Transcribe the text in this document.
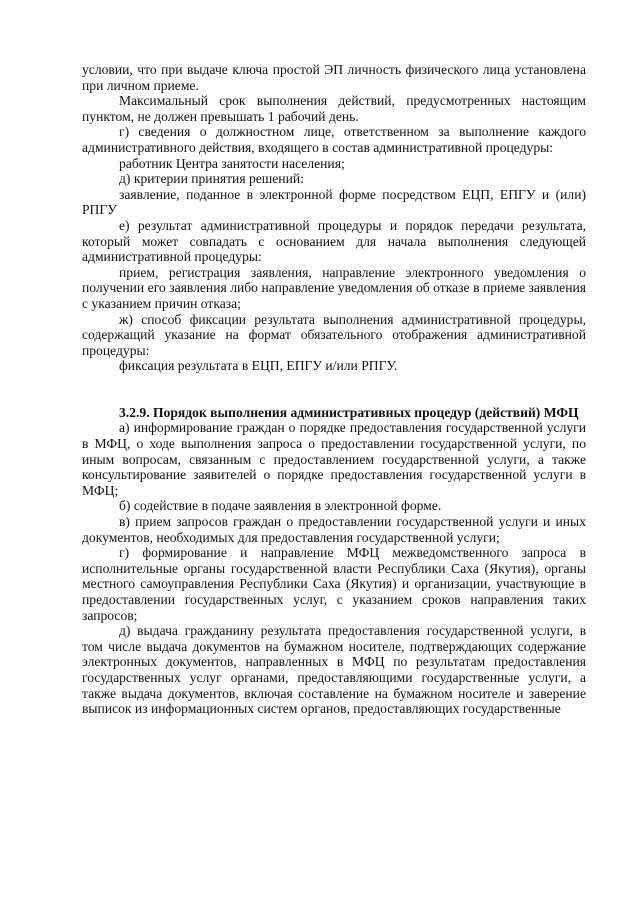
условии, что при выдаче ключа простой ЭП личность физического лица установлена при личном приеме.

Максимальный срок выполнения действий, предусмотренных настоящим пунктом, не должен превышать 1 рабочий день.

г) сведения о должностном лице, ответственном за выполнение каждого административного действия, входящего в состав административной процедуры:

работник Центра занятости населения;

д) критерии принятия решений:

заявление, поданное в электронной форме посредством ЕЦП, ЕПГУ и (или) РПГУ

е) результат административной процедуры и порядок передачи результата, который может совпадать с основанием для начала выполнения следующей административной процедуры:

прием, регистрация заявления, направление электронного уведомления о получении его заявления либо направление уведомления об отказе в приеме заявления с указанием причин отказа;

ж) способ фиксации результата выполнения административной процедуры, содержащий указание на формат обязательного отображения административной процедуры:

фиксация результата в ЕЦП, ЕПГУ и/или РПГУ.

3.2.9. Порядок выполнения административных процедур (действий) МФЦ

а) информирование граждан о порядке предоставления государственной услуги в МФЦ, о ходе выполнения запроса о предоставлении государственной услуги, по иным вопросам, связанным с предоставлением государственной услуги, а также консультирование заявителей о порядке предоставления государственной услуги в МФЦ;

б) содействие в подаче заявления в электронной форме.

в) прием запросов граждан о предоставлении государственной услуги и иных документов, необходимых для предоставления государственной услуги;

г) формирование и направление МФЦ межведомственного запроса в исполнительные органы государственной власти Республики Саха (Якутия), органы местного самоуправления Республики Саха (Якутия) и организации, участвующие в предоставлении государственных услуг, с указанием сроков направления таких запросов;

д) выдача гражданину результата предоставления государственной услуги, в том числе выдача документов на бумажном носителе, подтверждающих содержание электронных документов, направленных в МФЦ по результатам предоставления государственных услуг органами, предоставляющими государственные услуги, а также выдача документов, включая составление на бумажном носителе и заверение выписок из информационных систем органов, предоставляющих государственные
